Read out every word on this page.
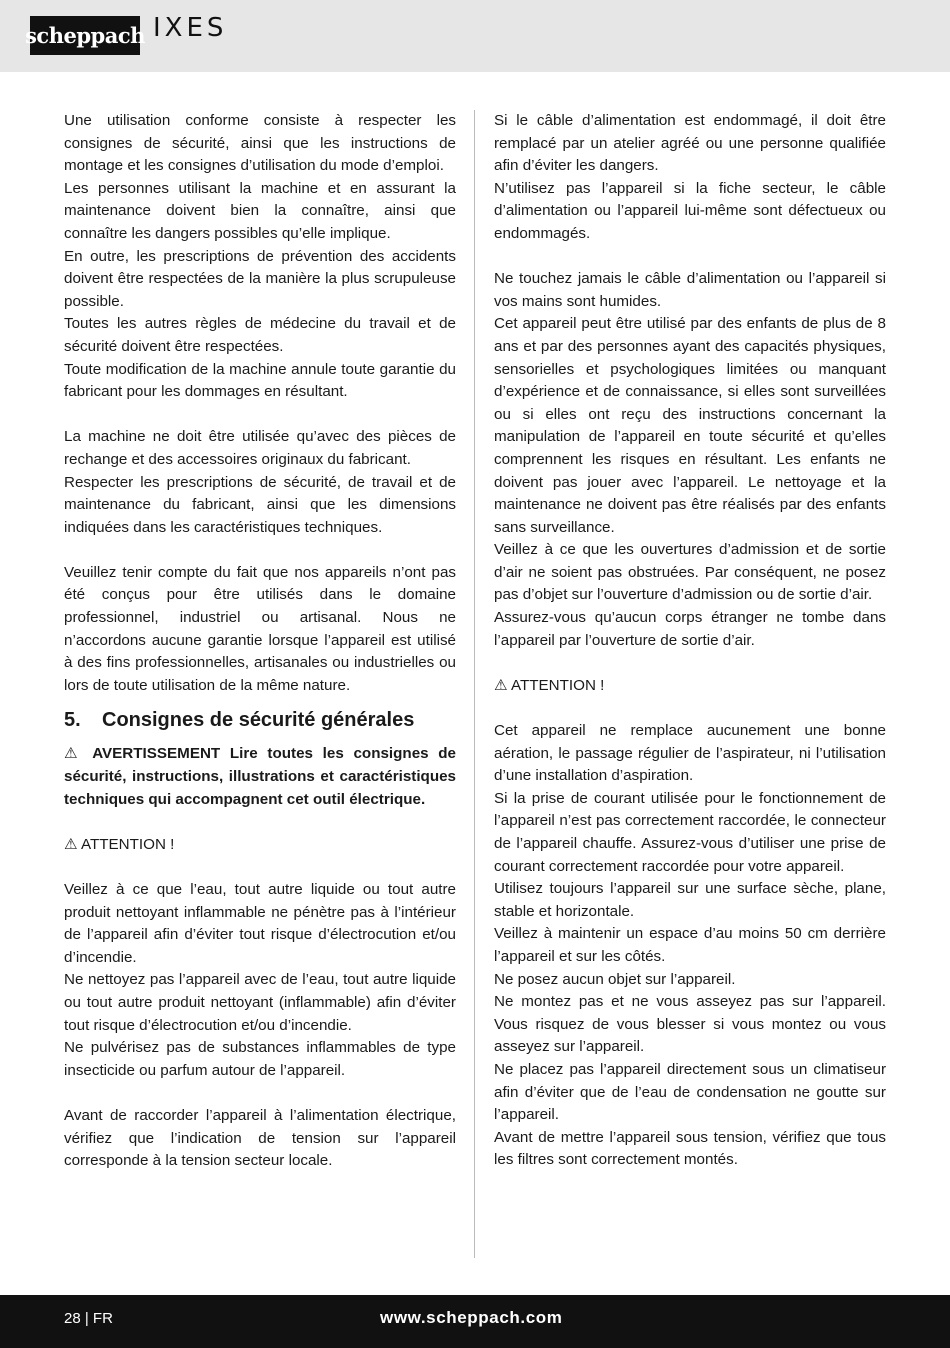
scheppach IXES

Une utilisation conforme consiste à respecter les consignes de sécurité, ainsi que les instructions de montage et les consignes d’utilisation du mode d’emploi.

Les personnes utilisant la machine et en assurant la maintenance doivent bien la connaître, ainsi que connaître les dangers possibles qu’elle implique.

En outre, les prescriptions de prévention des accidents doivent être respectées de la manière la plus scrupuleuse possible.

Toutes les autres règles de médecine du travail et de sécurité doivent être respectées.

Toute modification de la machine annule toute garantie du fabricant pour les dommages en résultant.

La machine ne doit être utilisée qu’avec des pièces de rechange et des accessoires originaux du fabricant.

Respecter les prescriptions de sécurité, de travail et de maintenance du fabricant, ainsi que les dimensions indiquées dans les caractéristiques techniques.

Veuillez tenir compte du fait que nos appareils n’ont pas été conçus pour être utilisés dans le domaine professionnel, industriel ou artisanal. Nous ne n’accordons aucune garantie lorsque l’appareil est utilisé à des fins professionnelles, artisanales ou industrielles ou lors de toute utilisation de la même nature.

5.	Consignes de sécurité générales

⚠ AVERTISSEMENT Lire toutes les consignes de sécurité, instructions, illustrations et caractéristiques techniques qui accompagnent cet outil électrique.

⚠ ATTENTION !

Veillez à ce que l’eau, tout autre liquide ou tout autre produit nettoyant inflammable ne pénètre pas à l’intérieur de l’appareil afin d’éviter tout risque d’électrocution et/ou d’incendie.

Ne nettoyez pas l’appareil avec de l’eau, tout autre liquide ou tout autre produit nettoyant (inflammable) afin d’éviter tout risque d’électrocution et/ou d’incendie.

Ne pulvérisez pas de substances inflammables de type insecticide ou parfum autour de l’appareil.

Avant de raccorder l’appareil à l’alimentation électrique, vérifiez que l’indication de tension sur l’appareil corresponde à la tension secteur locale.

Si le câble d’alimentation est endommagé, il doit être remplacé par un atelier agréé ou une personne qualifiée afin d’éviter les dangers.

N’utilisez pas l’appareil si la fiche secteur, le câble d’alimentation ou l’appareil lui-même sont défectueux ou endommagés.

Ne touchez jamais le câble d’alimentation ou l’appareil si vos mains sont humides.

Cet appareil peut être utilisé par des enfants de plus de 8 ans et par des personnes ayant des capacités physiques, sensorielles et psychologiques limitées ou manquant d’expérience et de connaissance, si elles sont surveillées ou si elles ont reçu des instructions concernant la manipulation de l’appareil en toute sécurité et qu’elles comprennent les risques en résultant. Les enfants ne doivent pas jouer avec l’appareil. Le nettoyage et la maintenance ne doivent pas être réalisés par des enfants sans surveillance.

Veillez à ce que les ouvertures d’admission et de sortie d’air ne soient pas obstruées. Par conséquent, ne posez pas d’objet sur l’ouverture d’admission ou de sortie d’air.

Assurez-vous qu’aucun corps étranger ne tombe dans l’appareil par l’ouverture de sortie d’air.

⚠ ATTENTION !

Cet appareil ne remplace aucunement une bonne aération, le passage régulier de l’aspirateur, ni l’utilisation d’une installation d’aspiration.

Si la prise de courant utilisée pour le fonctionnement de l’appareil n’est pas correctement raccordée, le connecteur de l’appareil chauffe. Assurez-vous d’utiliser une prise de courant correctement raccordée pour votre appareil.

Utilisez toujours l’appareil sur une surface sèche, plane, stable et horizontale.

Veillez à maintenir un espace d’au moins 50 cm derrière l’appareil et sur les côtés.

Ne posez aucun objet sur l’appareil.

Ne montez pas et ne vous asseyez pas sur l’appareil. Vous risquez de vous blesser si vous montez ou vous asseyez sur l’appareil.

Ne placez pas l’appareil directement sous un climatiseur afin d’éviter que de l’eau de condensation ne goutte sur l’appareil.

Avant de mettre l’appareil sous tension, vérifiez que tous les filtres sont correctement montés.

28 | FR	www.scheppach.com
